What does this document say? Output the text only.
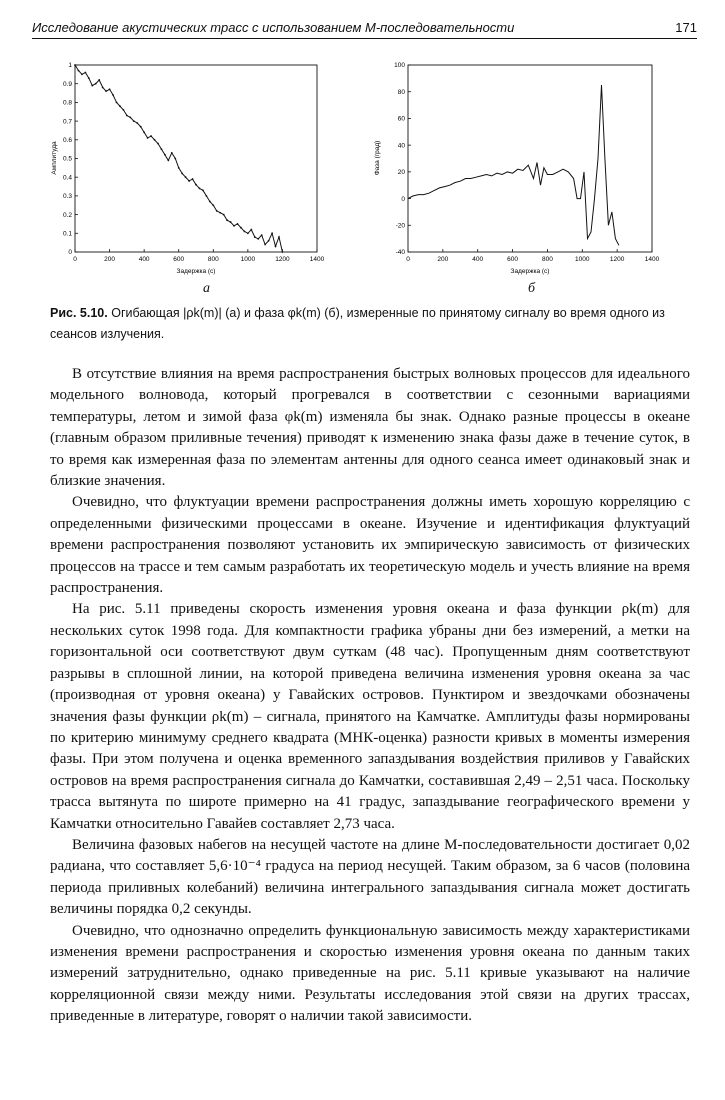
Исследование акустических трасс с использованием М-последовательности	171
0
0.1
0.2
0.3
0.4
0.5
0.6
0.7
0.8
0.9
1
0	200	400	600	800	1000	1200	1400
Задержка (с)
Амплитуда
-40
-20
0
20
40
60
80
100
0	200	400	600	800	1000	1200	1400
Задержка (с)
Фаза (град)
а	б
Рис. 5.10. Огибающая |ρk(m)| (а) и фаза φk(m) (б), измеренные по принятому сигналу во время одного из сеансов излучения.

В отсутствие влияния на время распространения быстрых волновых процессов для идеального модельного волновода, который прогревался в соответствии с сезонными вариациями температуры, летом и зимой фаза φk(m) изменяла бы знак. Однако разные процессы в океане (главным образом приливные течения) приводят к изменению знака фазы даже в течение суток, в то время как измеренная фаза по элементам антенны для одного сеанса имеет одинаковый знак и близкие значения.

Очевидно, что флуктуации времени распространения должны иметь хорошую корреляцию с определенными физическими процессами в океане. Изучение и идентификация флуктуаций времени распространения позволяют установить их эмпирическую зависимость от физических процессов на трассе и тем самым разработать их теоретическую модель и учесть влияние на время распространения.

На рис. 5.11 приведены скорость изменения уровня океана и фаза функции ρk(m) для нескольких суток 1998 года. Для компактности графика убраны дни без измерений, а метки на горизонтальной оси соответствуют двум суткам (48 час). Пропущенным дням соответствуют разрывы в сплошной линии, на которой приведена величина изменения уровня океана за час (производная от уровня океана) у Гавайских островов. Пунктиром и звездочками обозначены значения фазы функции ρk(m) – сигнала, принятого на Камчатке. Амплитуды фазы нормированы по критерию минимуму среднего квадрата (МНК-оценка) разности кривых в моменты измерения фазы. При этом получена и оценка временного запаздывания воздействия приливов у Гавайских островов на время распространения сигнала до Камчатки, составившая 2,49 – 2,51 часа. Поскольку трасса вытянута по широте примерно на 41 градус, запаздывание географического времени у Камчатки относительно Гавайев составляет 2,73 часа.

Величина фазовых набегов на несущей частоте на длине M-последовательности достигает 0,02 радиана, что составляет 5,6·10⁻⁴ градуса на период несущей. Таким образом, за 6 часов (половина периода приливных колебаний) величина интегрального запаздывания сигнала может достигать величины порядка 0,2 секунды.

Очевидно, что однозначно определить функциональную зависимость между характеристиками изменения времени распространения и скоростью изменения уровня океана по данным таких измерений затруднительно, однако приведенные на рис. 5.11 кривые указывают на наличие корреляционной связи между ними. Результаты исследования этой связи на других трассах, приведенные в литературе, говорят о наличии такой зависимости.
